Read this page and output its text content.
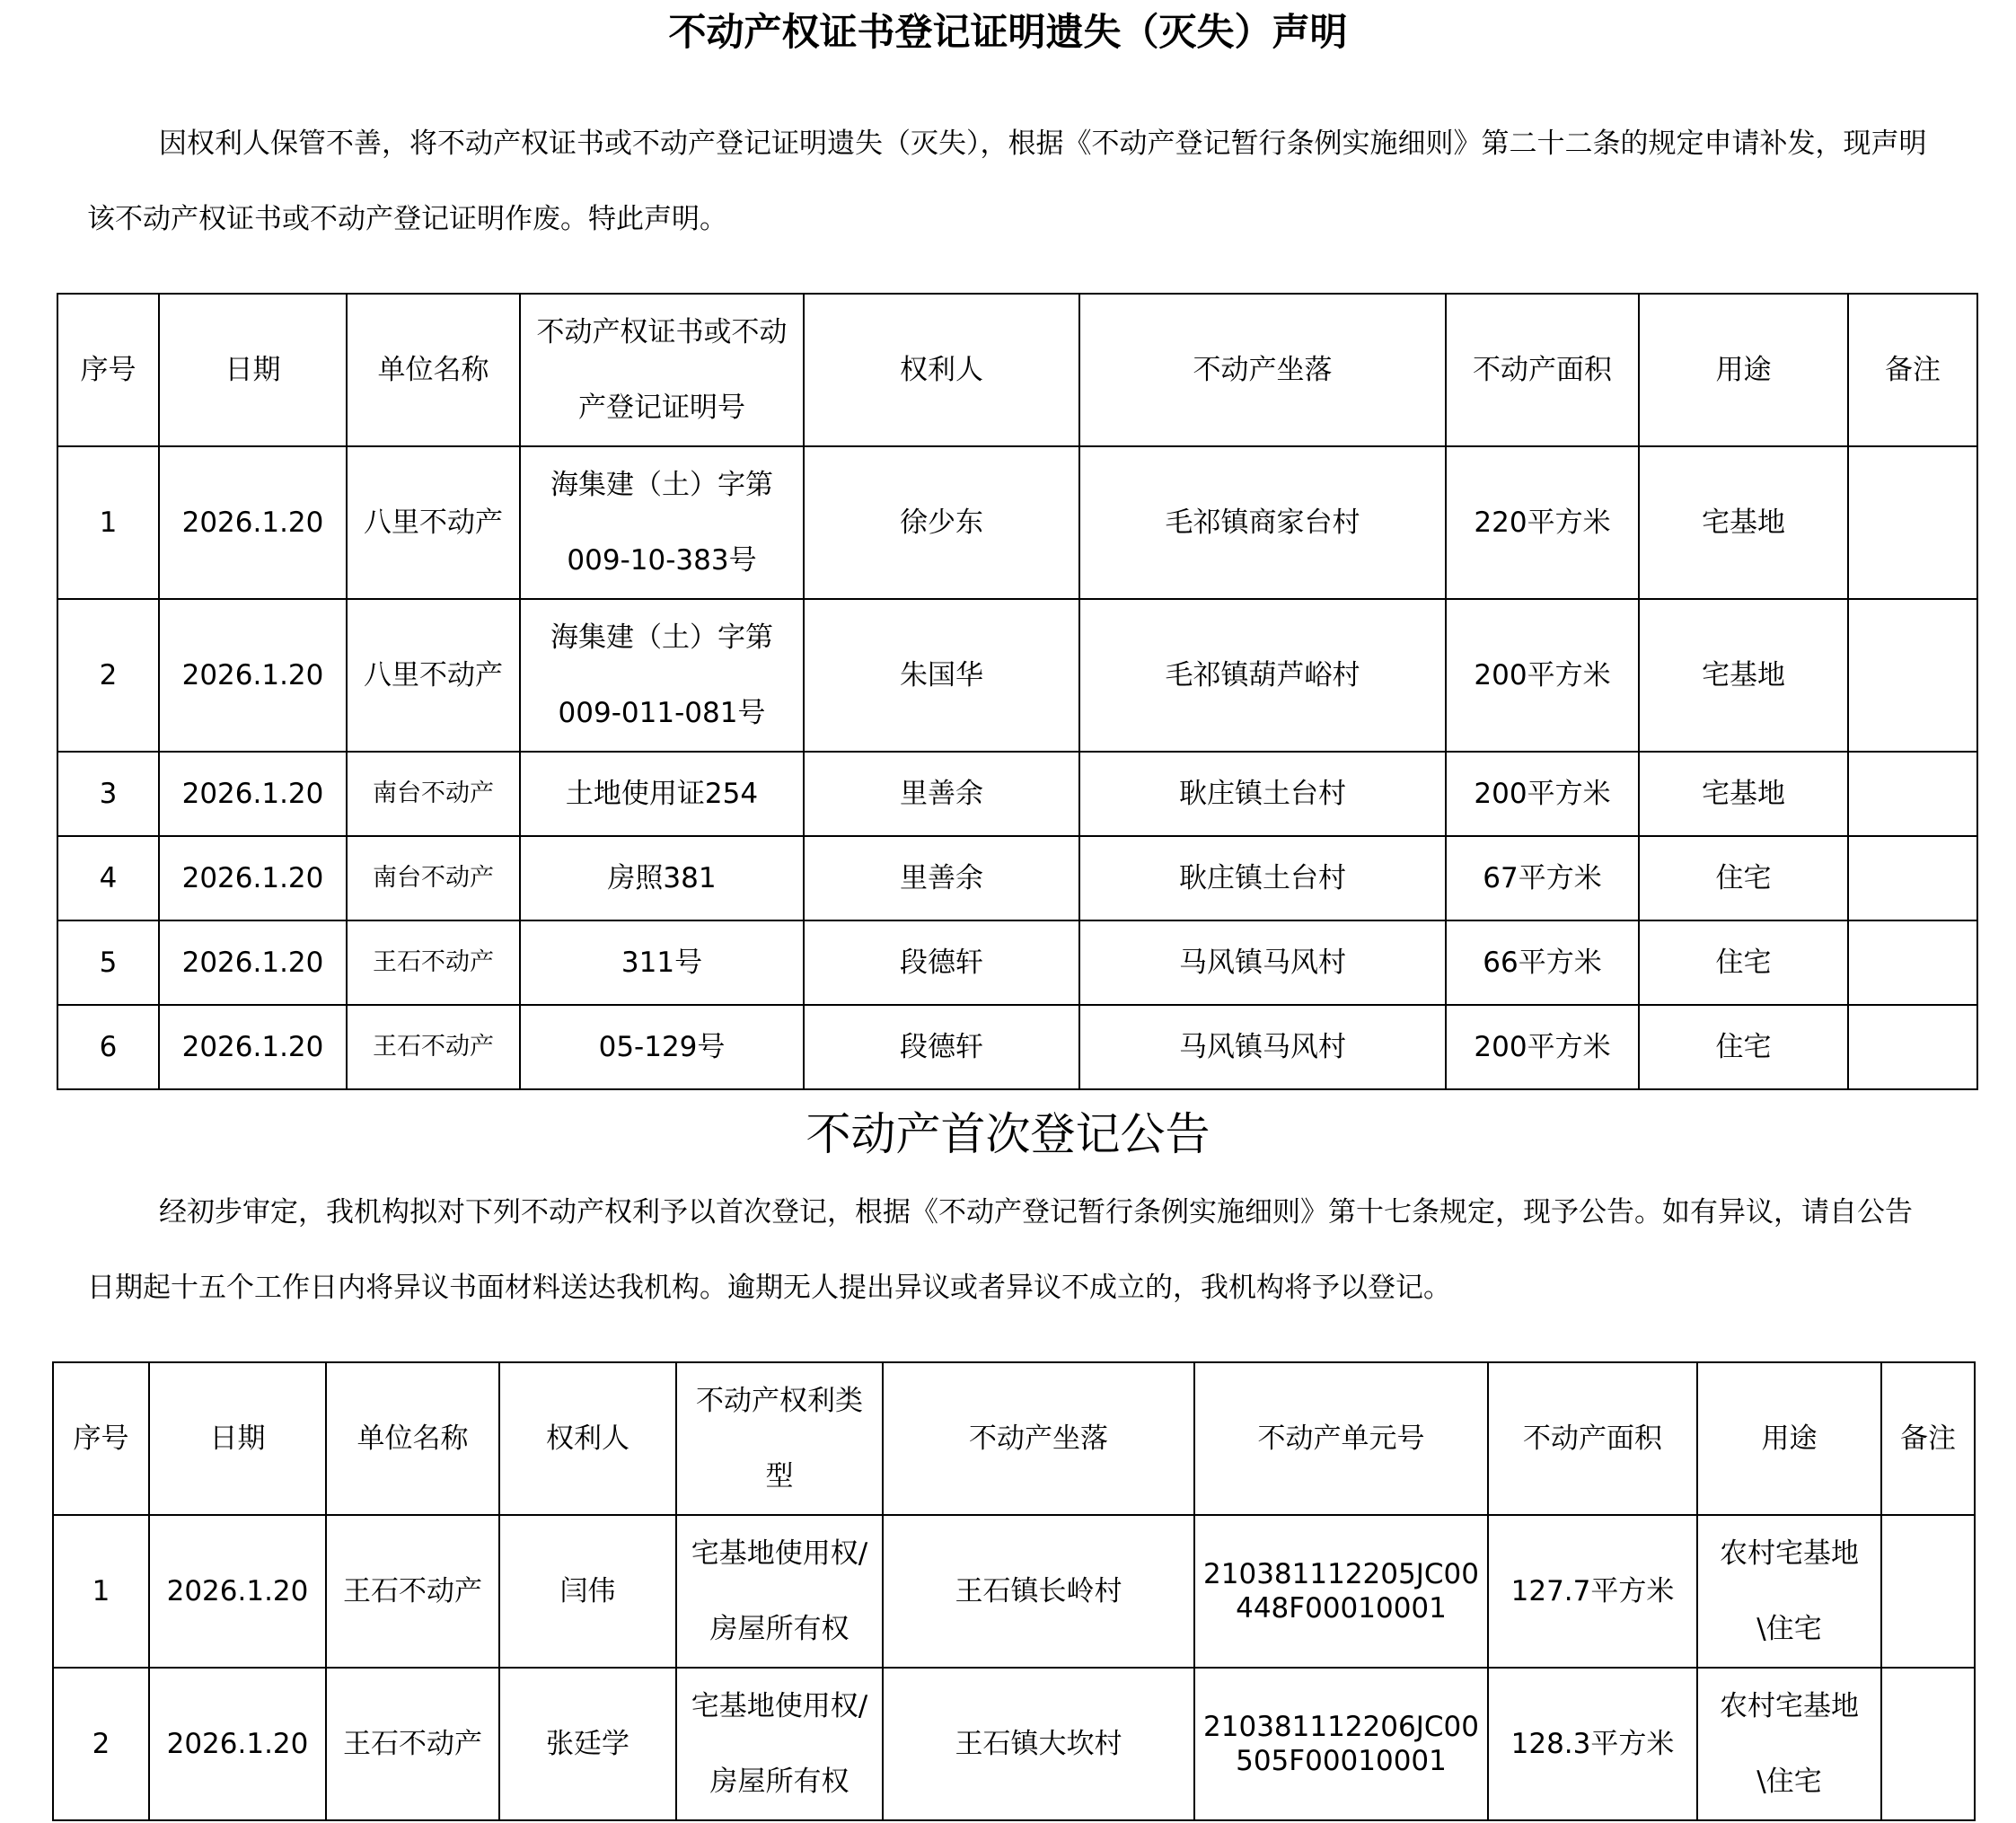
不动产权证书登记证明遗失（灭失）声明
因权利人保管不善，将不动产权证书或不动产登记证明遗失（灭失），根据《不动产登记暂行条例实施细则》第二十二条的规定申请补发，现声明该不动产权证书或不动产登记证明作废。特此声明。
序号	日期	单位名称	不动产权证书或不动产登记证明号	权利人	不动产坐落	不动产面积	用途	备注
1	2026.1.20	八里不动产	海集建（土）字第009-10-383号	徐少东	毛祁镇商家台村	220平方米	宅基地	
2	2026.1.20	八里不动产	海集建（土）字第009-011-081号	朱国华	毛祁镇葫芦峪村	200平方米	宅基地	
3	2026.1.20	南台不动产	土地使用证254	里善余	耿庄镇土台村	200平方米	宅基地	
4	2026.1.20	南台不动产	房照381	里善余	耿庄镇土台村	67平方米	住宅	
5	2026.1.20	王石不动产	311号	段德轩	马风镇马风村	66平方米	住宅	
6	2026.1.20	王石不动产	05-129号	段德轩	马风镇马风村	200平方米	住宅	
不动产首次登记公告
经初步审定，我机构拟对下列不动产权利予以首次登记，根据《不动产登记暂行条例实施细则》第十七条规定，现予公告。如有异议，请自公告日期起十五个工作日内将异议书面材料送达我机构。逾期无人提出异议或者异议不成立的，我机构将予以登记。
序号	日期	单位名称	权利人	不动产权利类型	不动产坐落	不动产单元号	不动产面积	用途	备注
1	2026.1.20	王石不动产	闫伟	宅基地使用权/房屋所有权	王石镇长岭村	210381112205JC00448F00010001	127.7平方米	农村宅基地\住宅	
2	2026.1.20	王石不动产	张廷学	宅基地使用权/房屋所有权	王石镇大坎村	210381112206JC00505F00010001	128.3平方米	农村宅基地\住宅	
